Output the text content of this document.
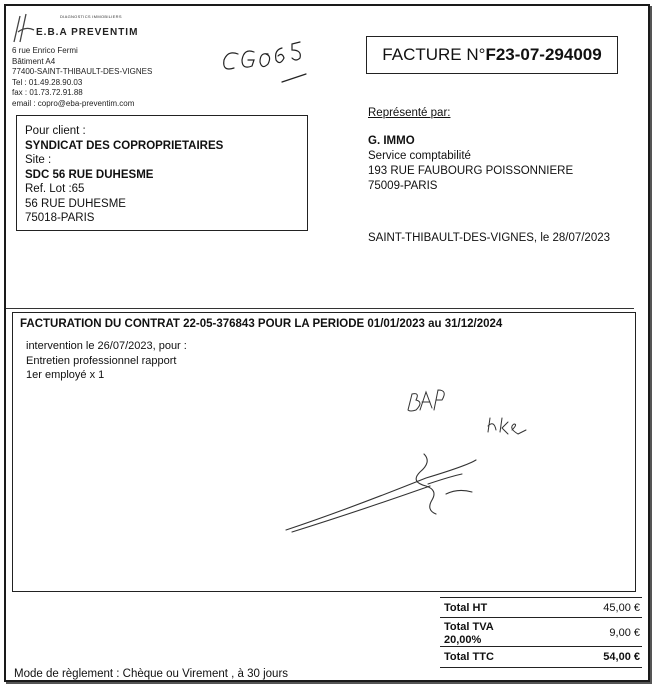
DIAGNOSTICS IMMOBILIERS
E.B.A PREVENTIM
6 rue Enrico Fermi
Bâtiment A4
77400-SAINT-THIBAULT-DES-VIGNES
Tel : 01.49.28.90.03
fax : 01.73.72.91.88
email : copro@eba-preventim.com
FACTURE N°F23-07-294009
Pour client :
SYNDICAT DES COPROPRIETAIRES
Site :
SDC 56 RUE DUHESME
Ref. Lot :65
56 RUE DUHESME
75018-PARIS
Représenté par:
G. IMMO
Service comptabilité
193 RUE FAUBOURG POISSONNIERE
75009-PARIS
SAINT-THIBAULT-DES-VIGNES, le 28/07/2023
FACTURATION DU CONTRAT 22-05-376843 POUR LA PERIODE 01/01/2023 au 31/12/2024
intervention le 26/07/2023, pour :
Entretien professionnel rapport
1er employé x 1
Total HT	45,00 €
Total TVA 20,00%
9,00 €
Total TTC	54,00 €
Mode de règlement : Chèque ou Virement , à 30 jours
